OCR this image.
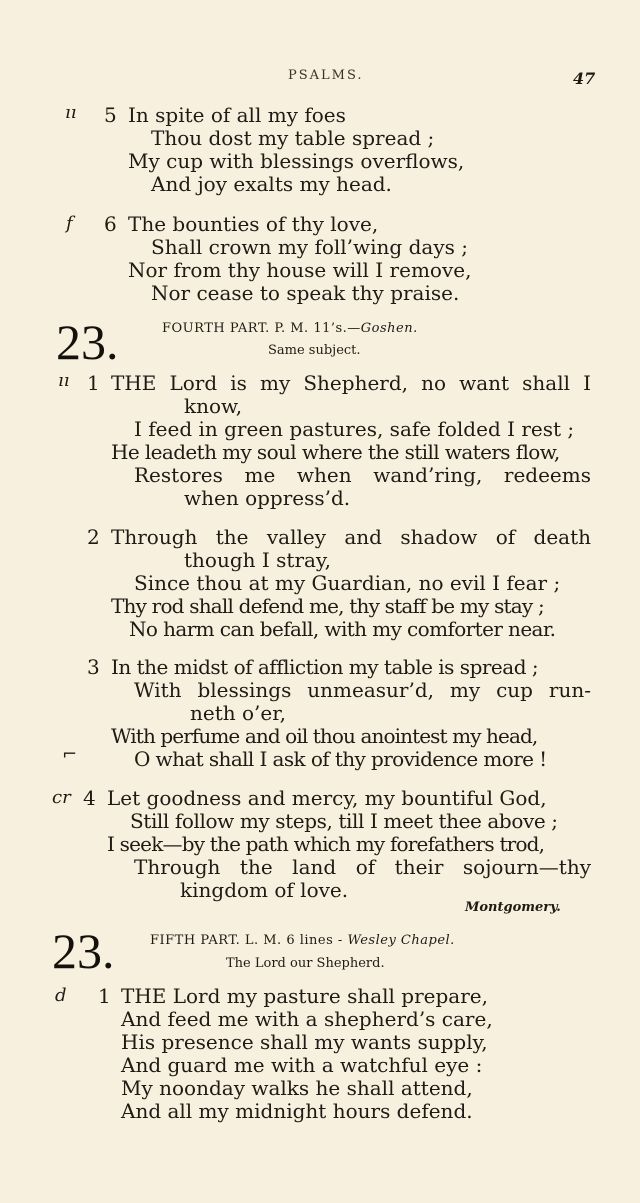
PSALMS.	47
ıı 5 In spite of all my foes
Thou dost my table spread ;
My cup with blessings overflows,
And joy exalts my head.
f 6 The bounties of thy love,
Shall crown my foll’wing days ;
Nor from thy house will I remove,
Nor cease to speak thy praise.
23.	FOURTH PART. P. M. 11’s.—Goshen.
Same subject.
ıı 1 THE Lord is my Shepherd, no want shall I
know,
I feed in green pastures, safe folded I rest ;
He leadeth my soul where the still waters flow,
Restores me when wand’ring, redeems
when oppress’d.
2 Through the valley and shadow of death
though I stray,
Since thou at my Guardian, no evil I fear ;
Thy rod shall defend me, thy staff be my stay ;
No harm can befall, with my comforter near.
3 In the midst of affliction my table is spread ;
With blessings unmeasur’d, my cup run-
neth o’er,
With perfume and oil thou anointest my head,
⌐	O what shall I ask of thy providence more !
cr 4 Let goodness and mercy, my bountiful God,
Still follow my steps, till I meet thee above ;
I seek—by the path which my forefathers trod,
Through the land of their sojourn—thy
kingdom of love.
Montgomery.
23.	FIFTH PART. L. M. 6 lines - Wesley Chapel.
The Lord our Shepherd.
d 1 THE Lord my pasture shall prepare,
And feed me with a shepherd’s care,
His presence shall my wants supply,
And guard me with a watchful eye :
My noonday walks he shall attend,
And all my midnight hours defend.
